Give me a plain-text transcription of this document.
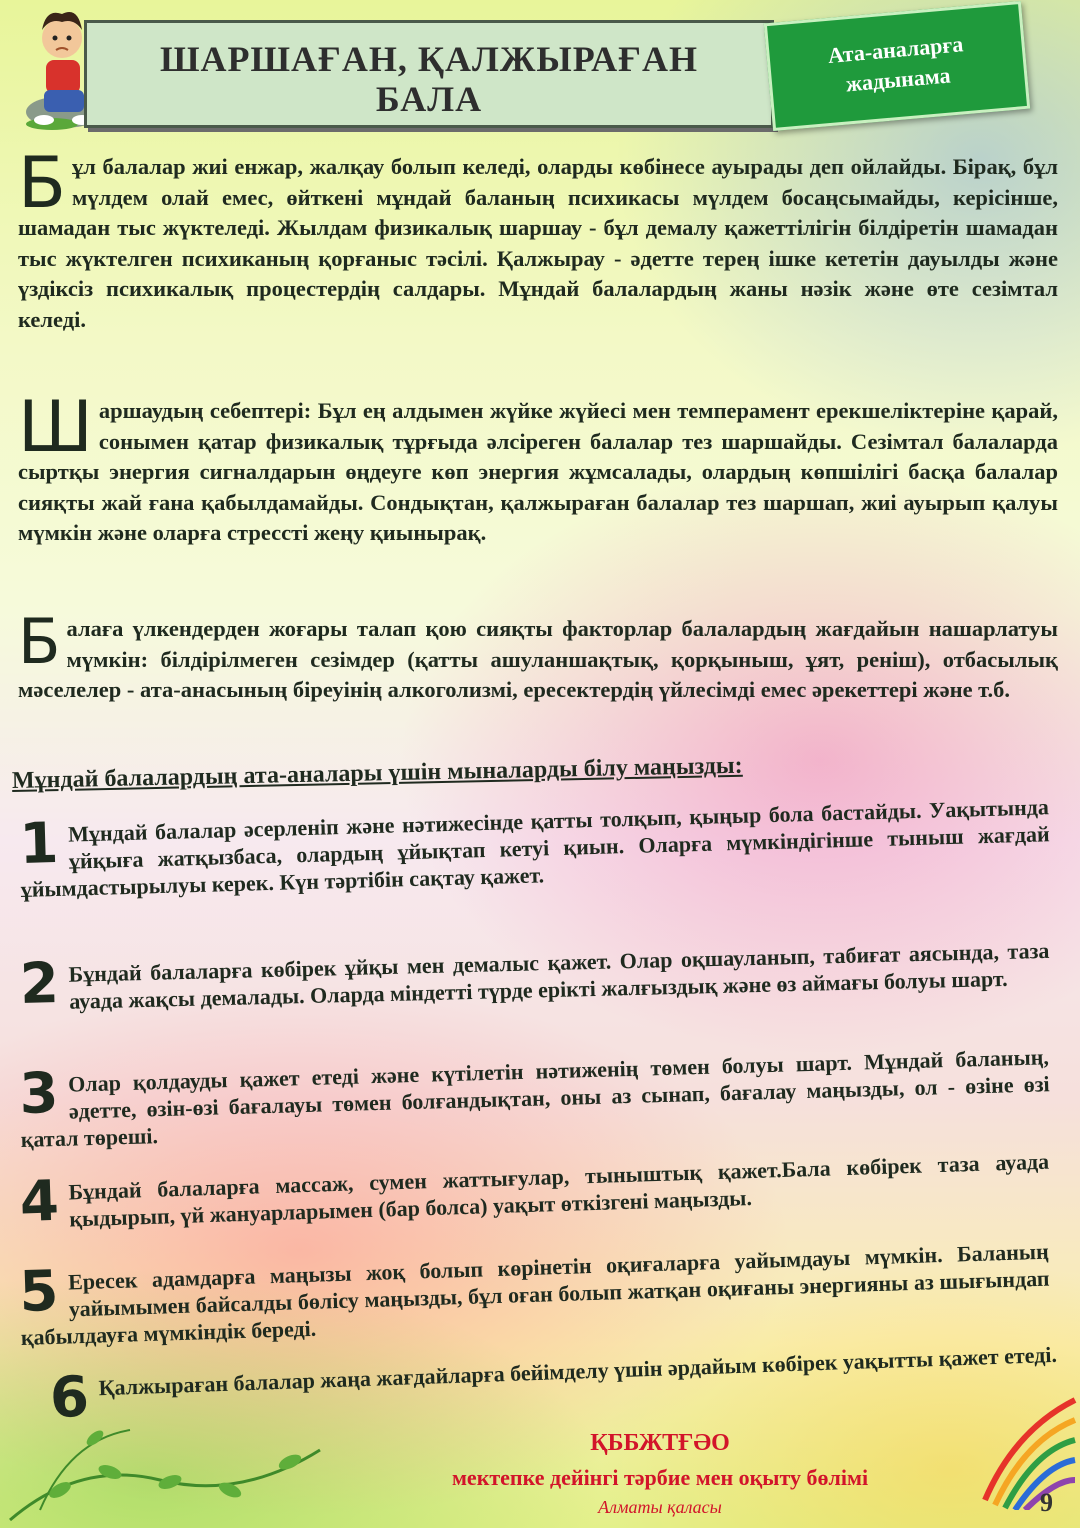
ШАРШАҒАН, ҚАЛЖЫРАҒАН
БАЛА
Ата-аналарға
жадынама
Б ұл балалар жиі енжар, жалқау болып келеді, оларды көбінесе ауырады деп ойлайды. Бірақ, бұл мүлдем олай емес, өйткені мұндай баланың психикасы мүлдем босаңсымайды, керісінше, шамадан тыс жүктеледі. Жылдам физикалық шаршау - бұл демалу қажеттілігін білдіретін шамадан тыс жүктелген психиканың қорғаныс тәсілі. Қалжырау - әдетте терең ішке кететін дауылды және үздіксіз психикалық процестердің салдары. Мұндай балалардың жаны нәзік және өте сезімтал келеді.
Ш аршаудың себептері: Бұл ең алдымен жүйке жүйесі мен темперамент ерекшеліктеріне қарай, сонымен қатар физикалық тұрғыда әлсіреген балалар тез шаршайды. Сезімтал балаларда сыртқы энергия сигналдарын өңдеуге көп энергия жұмсалады, олардың көпшілігі басқа балалар сияқты жай ғана қабылдамайды. Сондықтан, қалжыраған балалар тез шаршап, жиі ауырып қалуы мүмкін және оларға стрессті жеңу қиынырақ.
Б алаға үлкендерден жоғары талап қою сияқты факторлар балалардың жағдайын нашарлатуы мүмкін: білдірілмеген сезімдер (қатты ашуланшақтық, қорқыныш, ұят, реніш), отбасылық мәселелер - ата-анасының біреуінің алкоголизмі, ересектердің үйлесімді емес әрекеттері және т.б.
Мұндай балалардың ата-аналары үшін мыналарды білу маңызды:
1 Мұндай балалар әсерленіп және нәтижесінде қатты толқып, қыңыр бола бастайды. Уақытында ұйқыға жатқызбаса, олардың ұйықтап кетуі қиын. Оларға мүмкіндігінше тыныш жағдай ұйымдастырылуы керек. Күн тәртібін сақтау қажет.
2 Бұндай балаларға көбірек ұйқы мен демалыс қажет. Олар оқшауланып, табиғат аясында, таза ауада жақсы демалады. Оларда міндетті түрде ерікті жалғыздық және өз аймағы болуы шарт.
3 Олар қолдауды қажет етеді және күтілетін нәтиженің төмен болуы шарт. Мұндай баланың, әдетте, өзін-өзі бағалауы төмен болғандықтан, оны аз сынап, бағалау маңызды, ол - өзіне өзі қатал төреші.
4 Бұндай балаларға массаж, сумен жаттығулар, тыныштық қажет.Бала көбірек таза ауада қыдырып, үй жануарларымен (бар болса) уақыт өткізгені маңызды.
5 Ересек адамдарға маңызы жоқ болып көрінетін оқиғаларға уайымдауы мүмкін. Баланың уайымымен байсалды бөлісу маңызды, бұл оған болып жатқан оқиғаны энергияны аз шығындап қабылдауға мүмкіндік береді.
6 Қалжыраған балалар жаңа жағдайларға бейімделу үшін әрдайым көбірек уақытты қажет етеді.
ҚББЖТҒӘО
мектепке дейінгі тәрбие мен оқыту бөлімі
Алматы қаласы	9
